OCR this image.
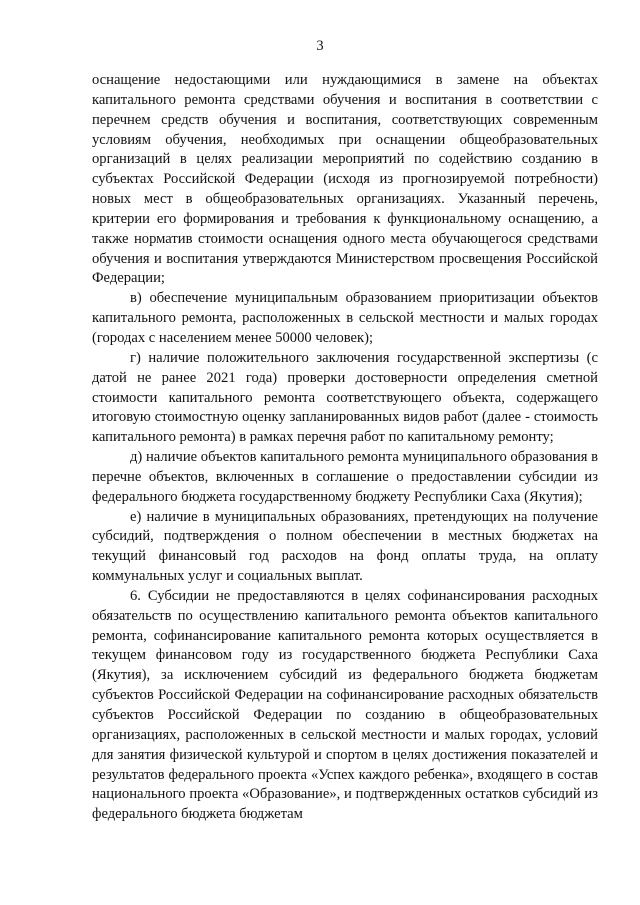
3

оснащение недостающими или нуждающимися в замене на объектах капитального ремонта средствами обучения и воспитания в соответствии с перечнем средств обучения и воспитания, соответствующих современным условиям обучения, необходимых при оснащении общеобразовательных организаций в целях реализации мероприятий по содействию созданию в субъектах Российской Федерации (исходя из прогнозируемой потребности) новых мест в общеобразовательных организациях. Указанный перечень, критерии его формирования и требования к функциональному оснащению, а также норматив стоимости оснащения одного места обучающегося средствами обучения и воспитания утверждаются Министерством просвещения Российской Федерации;

в) обеспечение муниципальным образованием приоритизации объектов капитального ремонта, расположенных в сельской местности и малых городах (городах с населением менее 50000 человек);

г) наличие положительного заключения государственной экспертизы (с датой не ранее 2021 года) проверки достоверности определения сметной стоимости капитального ремонта соответствующего объекта, содержащего итоговую стоимостную оценку запланированных видов работ (далее - стоимость капитального ремонта) в рамках перечня работ по капитальному ремонту;

д) наличие объектов капитального ремонта муниципального образования в перечне объектов, включенных в соглашение о предоставлении субсидии из федерального бюджета государственному бюджету Республики Саха (Якутия);

е) наличие в муниципальных образованиях, претендующих на получение субсидий, подтверждения о полном обеспечении в местных бюджетах на текущий финансовый год расходов на фонд оплаты труда, на оплату коммунальных услуг и социальных выплат.

6. Субсидии не предоставляются в целях софинансирования расходных обязательств по осуществлению капитального ремонта объектов капитального ремонта, софинансирование капитального ремонта которых осуществляется в текущем финансовом году из государственного бюджета Республики Саха (Якутия), за исключением субсидий из федерального бюджета бюджетам субъектов Российской Федерации на софинансирование расходных обязательств субъектов Российской Федерации по созданию в общеобразовательных организациях, расположенных в сельской местности и малых городах, условий для занятия физической культурой и спортом в целях достижения показателей и результатов федерального проекта «Успех каждого ребенка», входящего в состав национального проекта «Образование», и подтвержденных остатков субсидий из федерального бюджета бюджетам
